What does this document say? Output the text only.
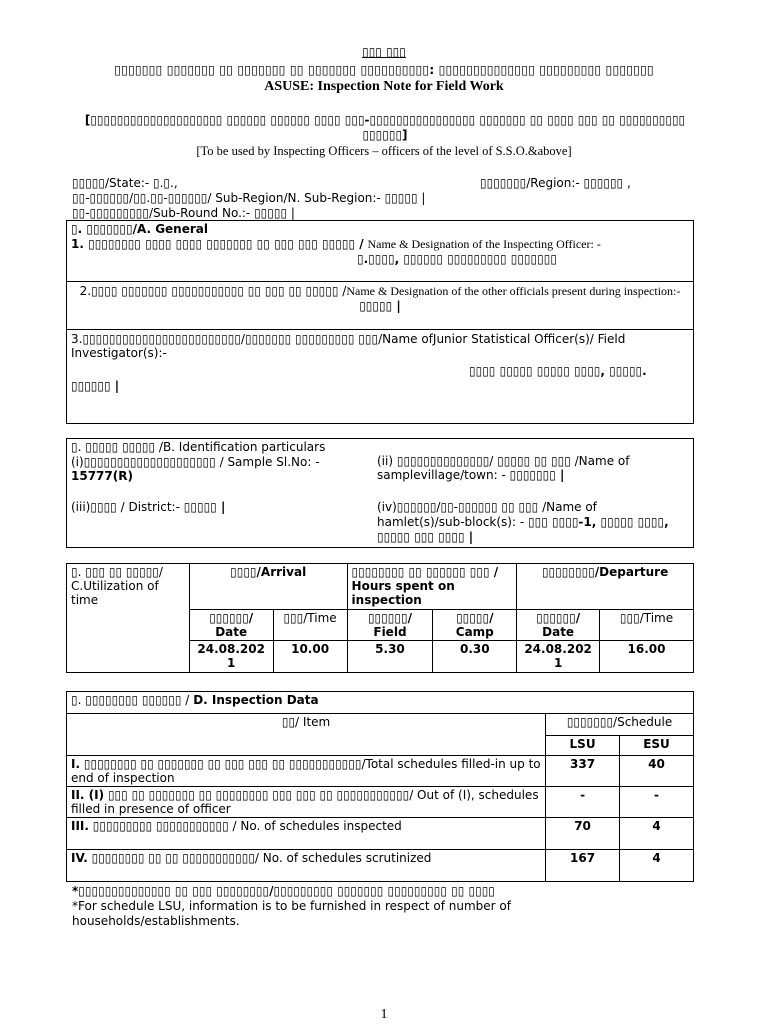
▯▯▯ ▯▯▯
▯▯▯▯▯▯▯ ▯▯▯▯▯▯▯ ▯▯ ▯▯▯▯▯▯▯ ▯▯ ▯▯▯▯▯▯▯ ▯▯▯▯▯▯▯▯▯▯: ▯▯▯▯▯▯▯▯▯▯▯▯▯▯ ▯▯▯▯▯▯▯▯▯ ▯▯▯▯▯▯▯
ASUSE: Inspection Note for Field Work
[▯▯▯▯▯▯▯▯▯▯▯▯▯▯▯▯▯▯▯▯ ▯▯▯▯▯▯ ▯▯▯▯▯▯ ▯▯▯▯ ▯▯▯-▯▯▯▯▯▯▯▯▯▯▯▯▯▯▯▯ ▯▯▯▯▯▯▯ ▯▯ ▯▯▯▯ ▯▯▯ ▯▯ ▯▯▯▯▯▯▯▯▯▯ ▯▯▯▯▯▯]
[To be used by Inspecting Officers – officers of the level of S.S.O.&above]
▯▯▯▯▯/State:- ▯.▯.,	▯▯▯▯▯▯▯/Region:- ▯▯▯▯▯▯ ,
▯▯-▯▯▯▯▯▯/▯▯.▯▯-▯▯▯▯▯▯/ Sub-Region/N. Sub-Region:- ▯▯▯▯▯ |
▯▯-▯▯▯▯▯▯▯▯▯/Sub-Round No.:- ▯▯▯▯▯ |
▯. ▯▯▯▯▯▯▯/A. General
1. ▯▯▯▯▯▯▯▯ ▯▯▯▯ ▯▯▯▯ ▯▯▯▯▯▯▯ ▯▯ ▯▯▯ ▯▯▯ ▯▯▯▯▯ / Name & Designation of the Inspecting Officer: -
▯.▯▯▯▯, ▯▯▯▯▯▯ ▯▯▯▯▯▯▯▯▯ ▯▯▯▯▯▯▯
2.▯▯▯▯ ▯▯▯▯▯▯▯ ▯▯▯▯▯▯▯▯▯▯▯ ▯▯ ▯▯▯ ▯▯ ▯▯▯▯▯ /Name & Designation of the other officials present during inspection:- ▯▯▯▯▯ |
3.▯▯▯▯▯▯▯▯▯▯▯▯▯▯▯▯▯▯▯▯▯▯▯▯/▯▯▯▯▯▯▯ ▯▯▯▯▯▯▯▯▯ ▯▯▯/Name ofJunior Statistical Officer(s)/ Field Investigator(s):-
▯▯▯▯ ▯▯▯▯▯ ▯▯▯▯▯ ▯▯▯▯, ▯▯▯▯▯.
▯▯▯▯▯▯ |
▯. ▯▯▯▯▯ ▯▯▯▯▯ /B. Identification particulars
(i)▯▯▯▯▯▯▯▯▯▯▯▯▯▯▯▯▯▯▯▯ / Sample Sl.No: - 15777(R)
(ii) ▯▯▯▯▯▯▯▯▯▯▯▯▯▯/ ▯▯▯▯▯ ▯▯ ▯▯▯ /Name of samplevillage/town: - ▯▯▯▯▯▯▯ |
(iii)▯▯▯▯ / District:- ▯▯▯▯▯ |	(iv)▯▯▯▯▯▯/▯▯-▯▯▯▯▯▯ ▯▯ ▯▯▯ /Name of hamlet(s)/sub-block(s): - ▯▯▯ ▯▯▯▯-1, ▯▯▯▯▯ ▯▯▯▯, ▯▯▯▯▯ ▯▯▯ ▯▯▯▯ |
▯. ▯▯▯ ▯▯ ▯▯▯▯▯/ C.Utilization of time	▯▯▯▯/Arrival		▯▯▯▯▯▯▯▯ ▯▯ ▯▯▯▯▯▯ ▯▯▯ / Hours spent on inspection		▯▯▯▯▯▯▯▯/Departure	
	▯▯▯▯▯▯/ Date	▯▯▯/Time	▯▯▯▯▯▯/ Field	▯▯▯▯▯/ Camp	▯▯▯▯▯▯/ Date	▯▯▯/Time
	24.08.2021	10.00	5.30	0.30	24.08.2021	16.00
▯. ▯▯▯▯▯▯▯▯ ▯▯▯▯▯▯ / D. Inspection Data		
▯▯/ Item	▯▯▯▯▯▯▯/Schedule	
	LSU	ESU
I. ▯▯▯▯▯▯▯▯ ▯▯ ▯▯▯▯▯▯▯ ▯▯ ▯▯▯ ▯▯▯ ▯▯ ▯▯▯▯▯▯▯▯▯▯▯/Total schedules filled-in up to end of inspection	337	40
II. (I) ▯▯▯ ▯▯ ▯▯▯▯▯▯▯ ▯▯ ▯▯▯▯▯▯▯▯ ▯▯▯ ▯▯▯ ▯▯ ▯▯▯▯▯▯▯▯▯▯▯/ Out of (I), schedules filled in presence of officer	-	-
III. ▯▯▯▯▯▯▯▯▯ ▯▯▯▯▯▯▯▯▯▯▯ / No. of schedules inspected	70	4
IV. ▯▯▯▯▯▯▯▯ ▯▯ ▯▯ ▯▯▯▯▯▯▯▯▯▯▯/ No. of schedules scrutinized	167	4
*▯▯▯▯▯▯▯▯▯▯▯▯▯▯ ▯▯ ▯▯▯ ▯▯▯▯▯▯▯▯/▯▯▯▯▯▯▯▯▯ ▯▯▯▯▯▯▯ ▯▯▯▯▯▯▯▯▯ ▯▯ ▯▯▯▯
*For schedule LSU, information is to be furnished in respect of number of households/establishments.
1
